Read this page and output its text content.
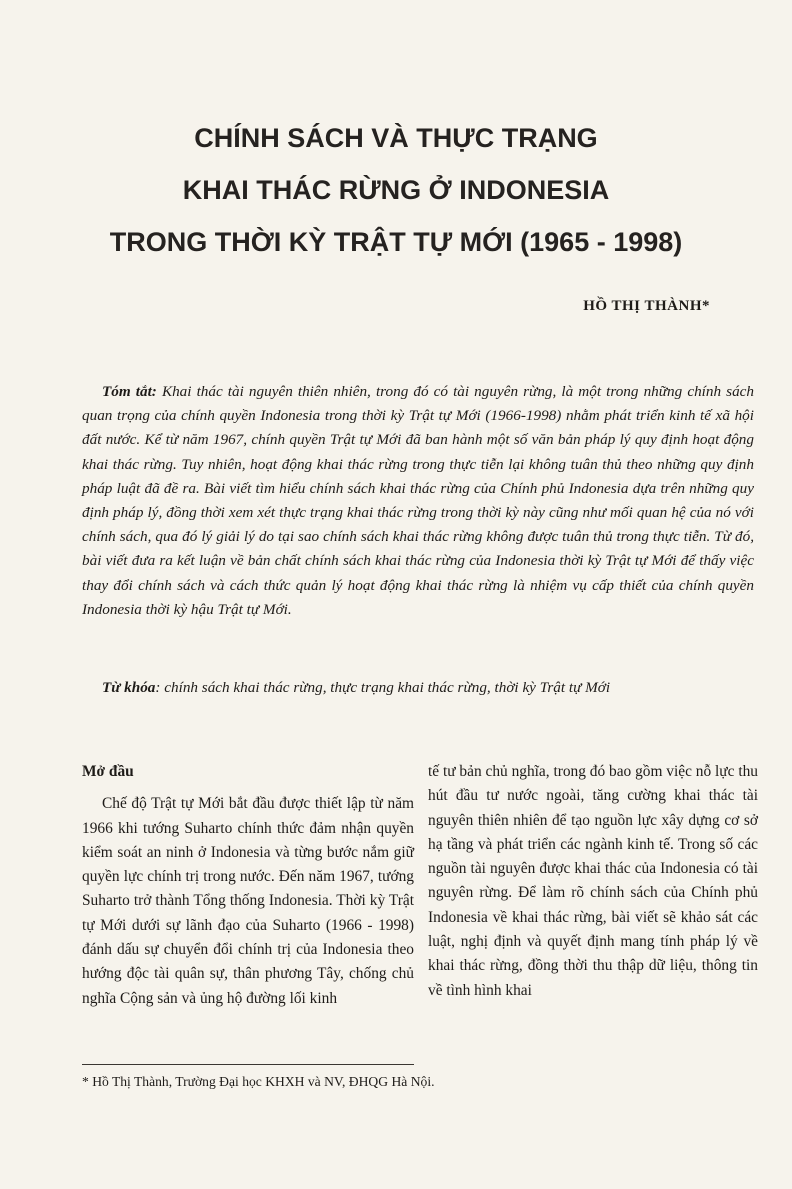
CHÍNH SÁCH VÀ THỰC TRẠNG
KHAI THÁC RỪNG Ở INDONESIA
TRONG THỜI KỲ TRẬT TỰ MỚI (1965 - 1998)
HỒ THỊ THÀNH*
Tóm tắt: Khai thác tài nguyên thiên nhiên, trong đó có tài nguyên rừng, là một trong những chính sách quan trọng của chính quyền Indonesia trong thời kỳ Trật tự Mới (1966-1998) nhằm phát triển kinh tế xã hội đất nước. Kể từ năm 1967, chính quyền Trật tự Mới đã ban hành một số văn bản pháp lý quy định hoạt động khai thác rừng. Tuy nhiên, hoạt động khai thác rừng trong thực tiễn lại không tuân thủ theo những quy định pháp luật đã đề ra. Bài viết tìm hiểu chính sách khai thác rừng của Chính phủ Indonesia dựa trên những quy định pháp lý, đồng thời xem xét thực trạng khai thác rừng trong thời kỳ này cũng như mối quan hệ của nó với chính sách, qua đó lý giải lý do tại sao chính sách khai thác rừng không được tuân thủ trong thực tiễn. Từ đó, bài viết đưa ra kết luận về bản chất chính sách khai thác rừng của Indonesia thời kỳ Trật tự Mới để thấy việc thay đổi chính sách và cách thức quản lý hoạt động khai thác rừng là nhiệm vụ cấp thiết của chính quyền Indonesia thời kỳ hậu Trật tự Mới.
Từ khóa: chính sách khai thác rừng, thực trạng khai thác rừng, thời kỳ Trật tự Mới
Mở đầu

Chế độ Trật tự Mới bắt đầu được thiết lập từ năm 1966 khi tướng Suharto chính thức đảm nhận quyền kiểm soát an ninh ở Indonesia và từng bước nắm giữ quyền lực chính trị trong nước. Đến năm 1967, tướng Suharto trở thành Tổng thống Indonesia. Thời kỳ Trật tự Mới dưới sự lãnh đạo của Suharto (1966 - 1998) đánh dấu sự chuyển đổi chính trị của Indonesia theo hướng độc tài quân sự, thân phương Tây, chống chủ nghĩa Cộng sản và ủng hộ đường lối kinh

tế tư bản chủ nghĩa, trong đó bao gồm việc nỗ lực thu hút đầu tư nước ngoài, tăng cường khai thác tài nguyên thiên nhiên để tạo nguồn lực xây dựng cơ sở hạ tầng và phát triển các ngành kinh tế. Trong số các nguồn tài nguyên được khai thác của Indonesia có tài nguyên rừng. Để làm rõ chính sách của Chính phủ Indonesia về khai thác rừng, bài viết sẽ khảo sát các luật, nghị định và quyết định mang tính pháp lý về khai thác rừng, đồng thời thu thập dữ liệu, thông tin về tình hình khai

* Hồ Thị Thành, Trường Đại học KHXH và NV, ĐHQG Hà Nội.
